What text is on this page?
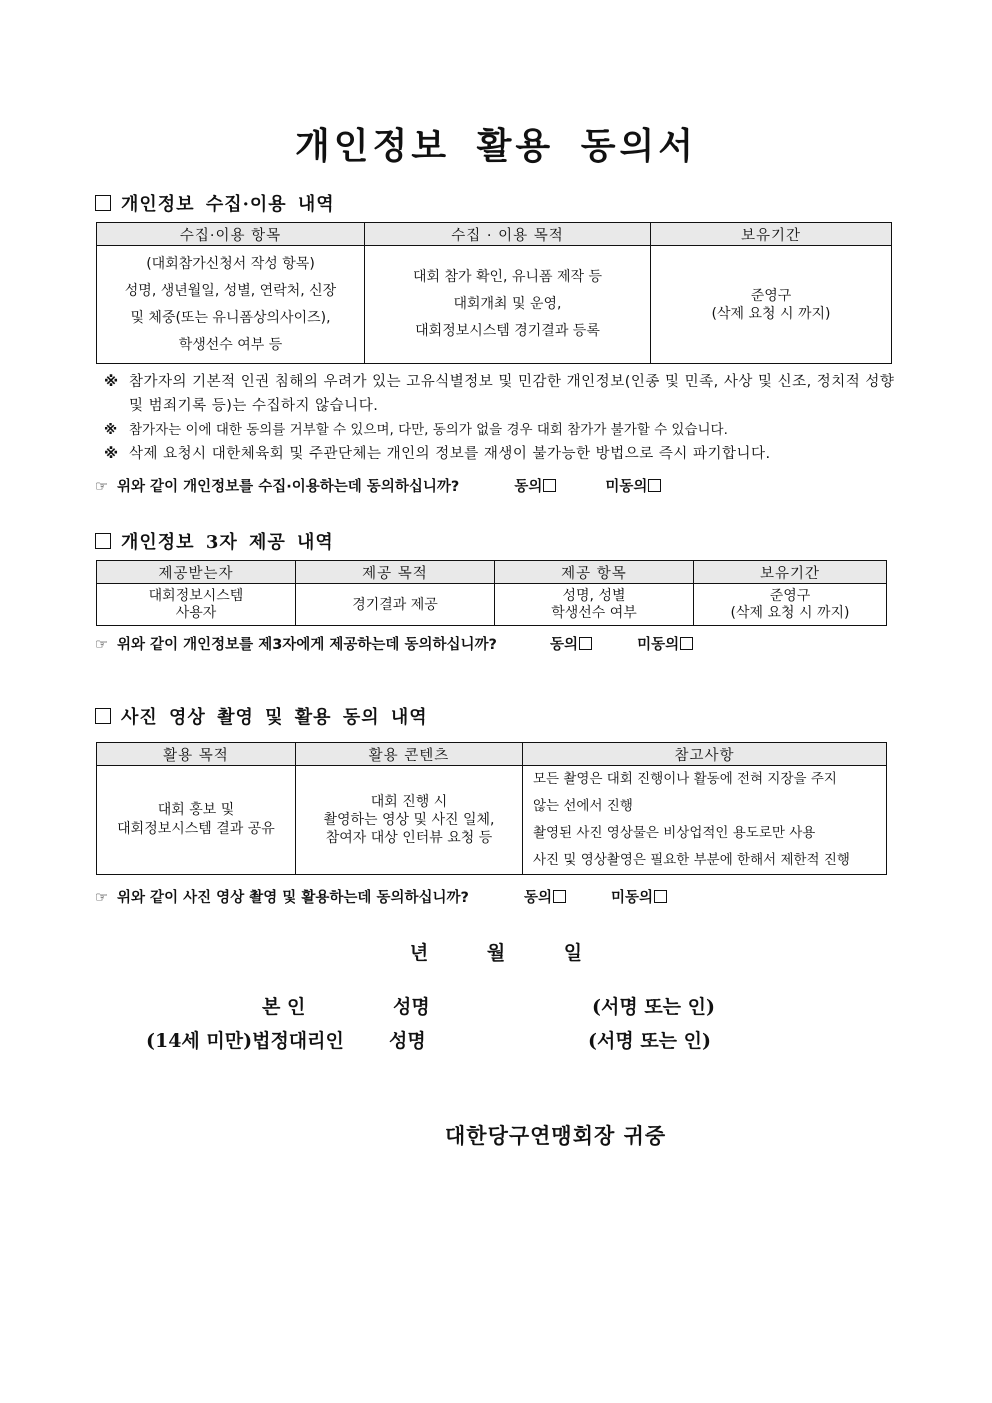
개인정보 활용 동의서
개인정보 수집·이용 내역
수집·이용 항목	수집 · 이용 목적	보유기간

(대회참가신청서 작성 항목)
성명, 생년월일, 성별, 연락처, 신장
및 체중(또는 유니폼상의사이즈),
학생선수 여부 등	대회 참가 확인, 유니폼 제작 등
대회개최 및 운영,
대회정보시스템 경기결과 등록	준영구
(삭제 요청 시 까지)

※ 참가자의 기본적 인권 침해의 우려가 있는 고유식별정보 및 민감한 개인정보(인종 및 민족, 사상 및 신조, 정치적 성향 및 범죄기록 등)는 수집하지 않습니다.

※ 참가자는 이에 대한 동의를 거부할 수 있으며, 다만, 동의가 없을 경우 대회 참가가 불가할 수 있습니다.

※ 삭제 요청시 대한체육회 및 주관단체는 개인의 정보를 재생이 불가능한 방법으로 즉시 파기합니다.

☞ 위와 같이 개인정보를 수집·이용하는데 동의하십니까?	동의	미동의
개인정보 3자 제공 내역
제공받는자	제공 목적	제공 항목	보유기간

대회정보시스템
사용자	경기결과 제공	성명, 성별
학생선수 여부	준영구
(삭제 요청 시 까지)
☞ 위와 같이 개인정보를 제3자에게 제공하는데 동의하십니까?	동의	미동의
사진 영상 촬영 및 활용 동의 내역
활용 목적	활용 콘텐츠	참고사항

대회 홍보 및
대회정보시스템 결과 공유	대회 진행 시
촬영하는 영상 및 사진 일체,
참여자 대상 인터뷰 요청 등	모든 촬영은 대회 진행이나 활동에 전혀 지장을 주지
않는 선에서 진행
촬영된 사진 영상물은 비상업적인 용도로만 사용
사진 및 영상촬영은 필요한 부분에 한해서 제한적 진행
☞ 위와 같이 사진 영상 촬영 및 활용하는데 동의하십니까?	동의	미동의
년	월	일
본 인	성명	(서명 또는 인)
(14세 미만)법정대리인 성명	(서명 또는 인)
대한당구연맹회장 귀중
